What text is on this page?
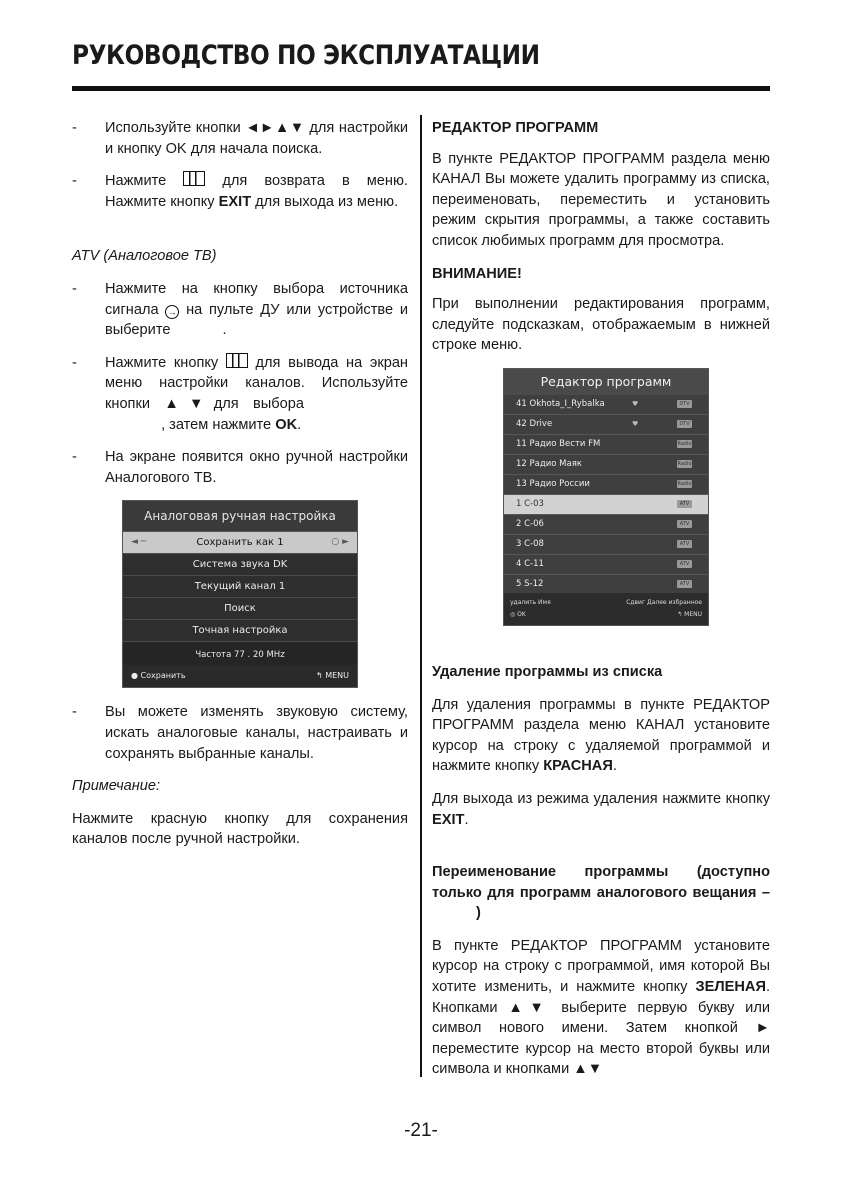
РУКОВОДСТВО ПО ЭКСПЛУАТАЦИИ
-	Используйте кнопки ◄►▲▼ для настройки и кнопку OK для начала поиска.
-	Нажмите	для возврата в меню. Нажмите кнопку EXIT для выхода из меню.
ATV (Аналоговое ТВ)
-	Нажмите на кнопку выбора источника сигнала → на пульте ДУ или устройстве и выберите	.
-	Нажмите кнопку	для вывода на экран меню настройки каналов. Используйте кнопки ▲▼для выбора , затем нажмите OK.
-	На экране появится окно ручной настройки Аналогового ТВ.
Аналоговая ручная настройка
◄ ─	Сохранить как 1	○ ►
Система звука DK
Текущий канал 1
Поиск
Точная настройка
Частота 77 . 20 MHz
● Сохранить	↰ MENU
-	Вы можете изменять звуковую систему, искать аналоговые каналы, настраивать и сохранять выбранные каналы.
Примечание:
Нажмите красную кнопку для сохранения каналов после ручной настройки.
РЕДАКТОР ПРОГРАММ
В пункте РЕДАКТОР ПРОГРАММ раздела меню КАНАЛ Вы можете удалить программу из списка, переименовать, переместить и установить режим скрытия программы, а также составить список любимых программ для просмотра.
ВНИМАНИЕ!
При выполнении редактирования программ, следуйте подсказкам, отображаемым в нижней строке меню.
Редактор программ
41 Okhota_I_Rybalka	♥	DTV
42 Drive	♥	DTV
11 Радио Вести FM	Radio
12 Радио Маяк	Radio
13 Радио России	Radio
1 C-03	ATV
2 C-06	ATV
3 C-08	ATV
4 C-11	ATV
5 S-12	ATV
удалить Имя	Сдвиг Далее избранное
◎ OK	↰ MENU
Удаление программы из списка
Для удаления программы в пункте РЕДАКТОР ПРОГРАММ раздела меню КАНАЛ установите курсор на строку с удаляемой программой и нажмите кнопку КРАСНАЯ.
Для выхода из режима удаления нажмите кнопку EXIT.
Переименование программы (доступно только для программ аналогового вещания –)
В пункте РЕДАКТОР ПРОГРАММ установите курсор на строку с программой, имя которой Вы хотите изменить, и нажмите кнопку ЗЕЛЕНАЯ. Кнопками ▲▼ выберите первую букву или символ нового имени. Затем кнопкой ► переместите курсор на место второй буквы или символа и кнопками ▲▼
-21-
